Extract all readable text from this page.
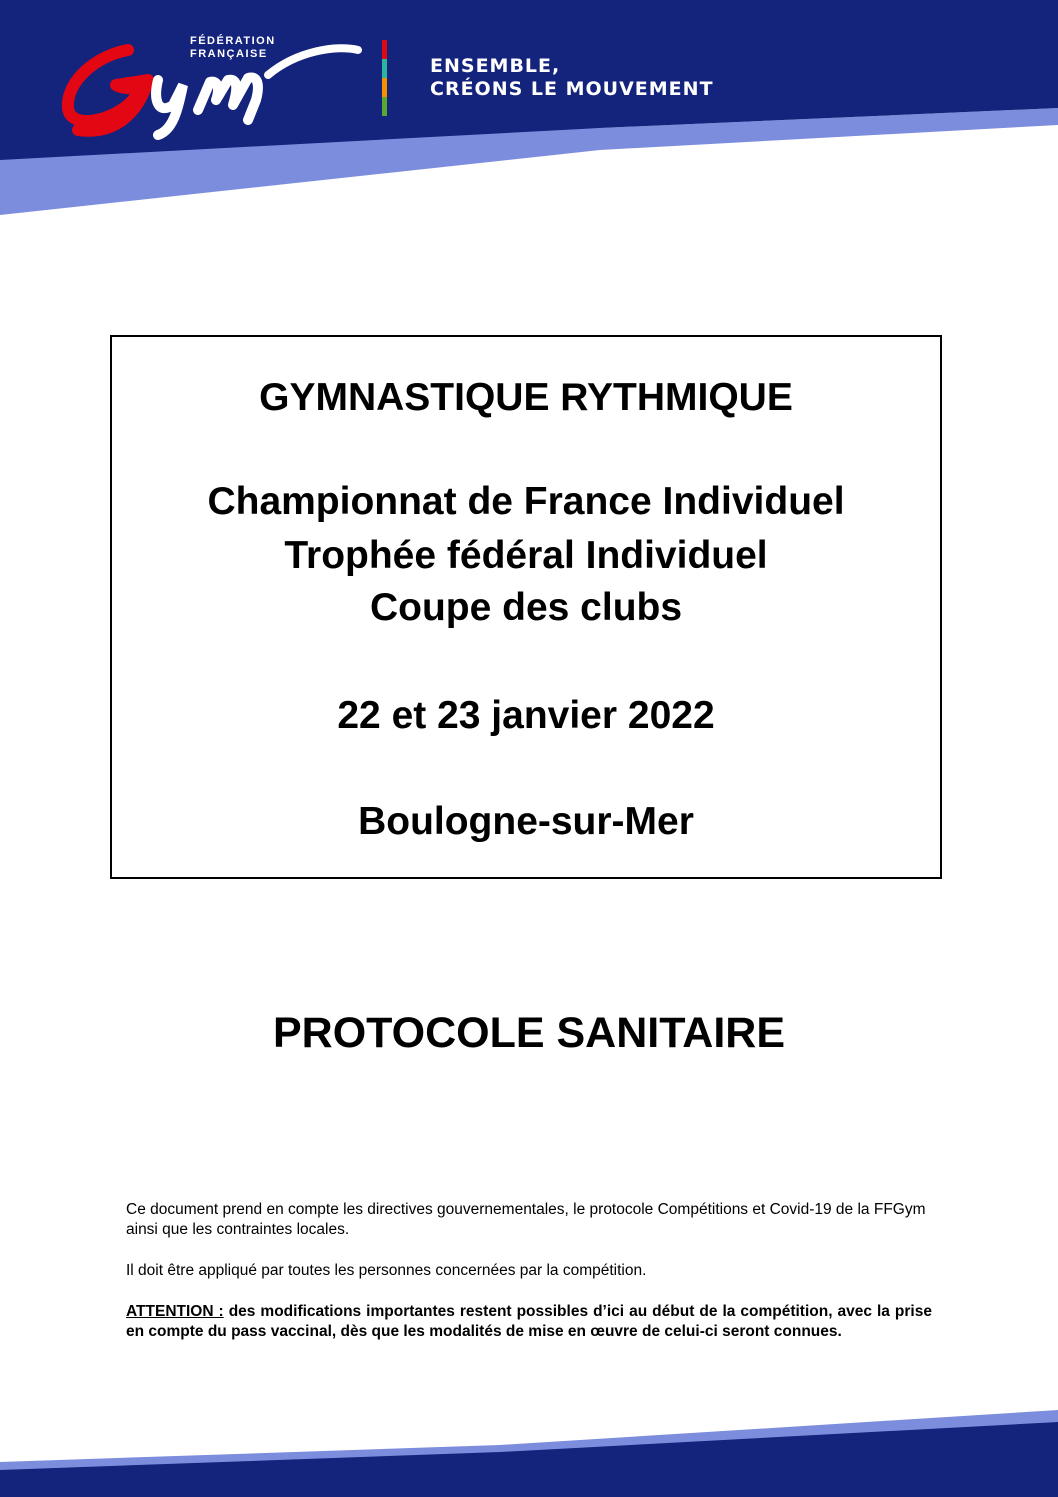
FÉDÉRATION
FRANÇAISE
ENSEMBLE,
CRÉONS LE MOUVEMENT
GYMNASTIQUE RYTHMIQUE
Championnat de France Individuel
Trophée fédéral Individuel
Coupe des clubs
22 et 23 janvier 2022
Boulogne-sur-Mer
PROTOCOLE SANITAIRE

Ce document prend en compte les directives gouvernementales, le protocole Compétitions et Covid-19 de la FFGym ainsi que les contraintes locales.

Il doit être appliqué par toutes les personnes concernées par la compétition.

ATTENTION : des modifications importantes restent possibles d’ici au début de la compétition, avec la prise en compte du pass vaccinal, dès que les modalités de mise en œuvre de celui-ci seront connues.
